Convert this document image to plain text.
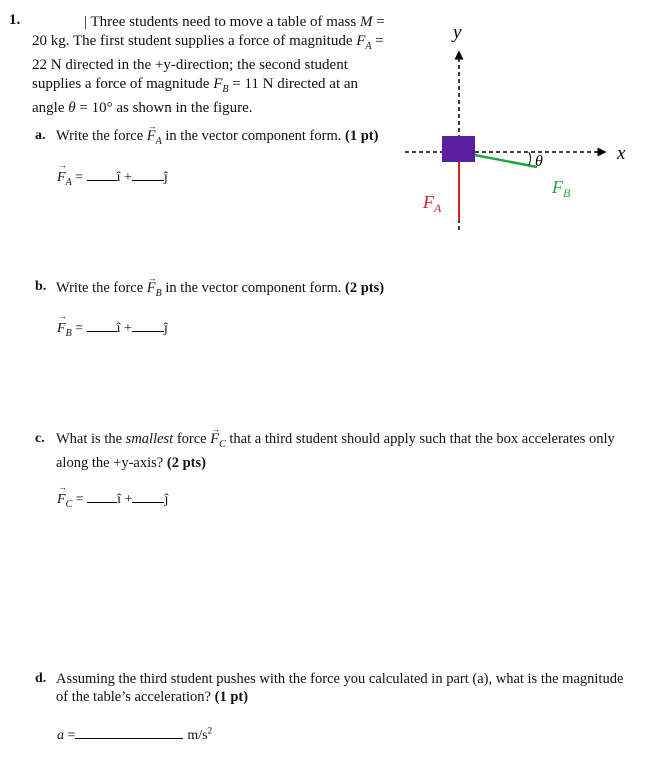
1.	| Three students need to move a table of mass M = 20 kg. The first student supplies a force of magnitude $F_A = 22$ N directed in the +y-direction; the second student supplies a force of magnitude $F_B = 11$ N directed at an angle θ = 10° as shown in the figure.
y
x
θ
$F_B$
$F_A$
a. Write the force → $F_A$ in the vector component form. (1 pt)
→ $F_A$ = î + ĵ
b. Write the force → $F_B$ in the vector component form. (2 pts)
→ $F_B$ = î + ĵ
c. What is the smallest force → $F_C$ that a third student should apply such that the box accelerates only along the +y-axis? (2 pts)
→ $F_C$ = î + ĵ
d. Assuming the third student pushes with the force you calculated in part (a), what is the magnitude of the table’s acceleration? (1 pt)
a =	$m/s^2$
